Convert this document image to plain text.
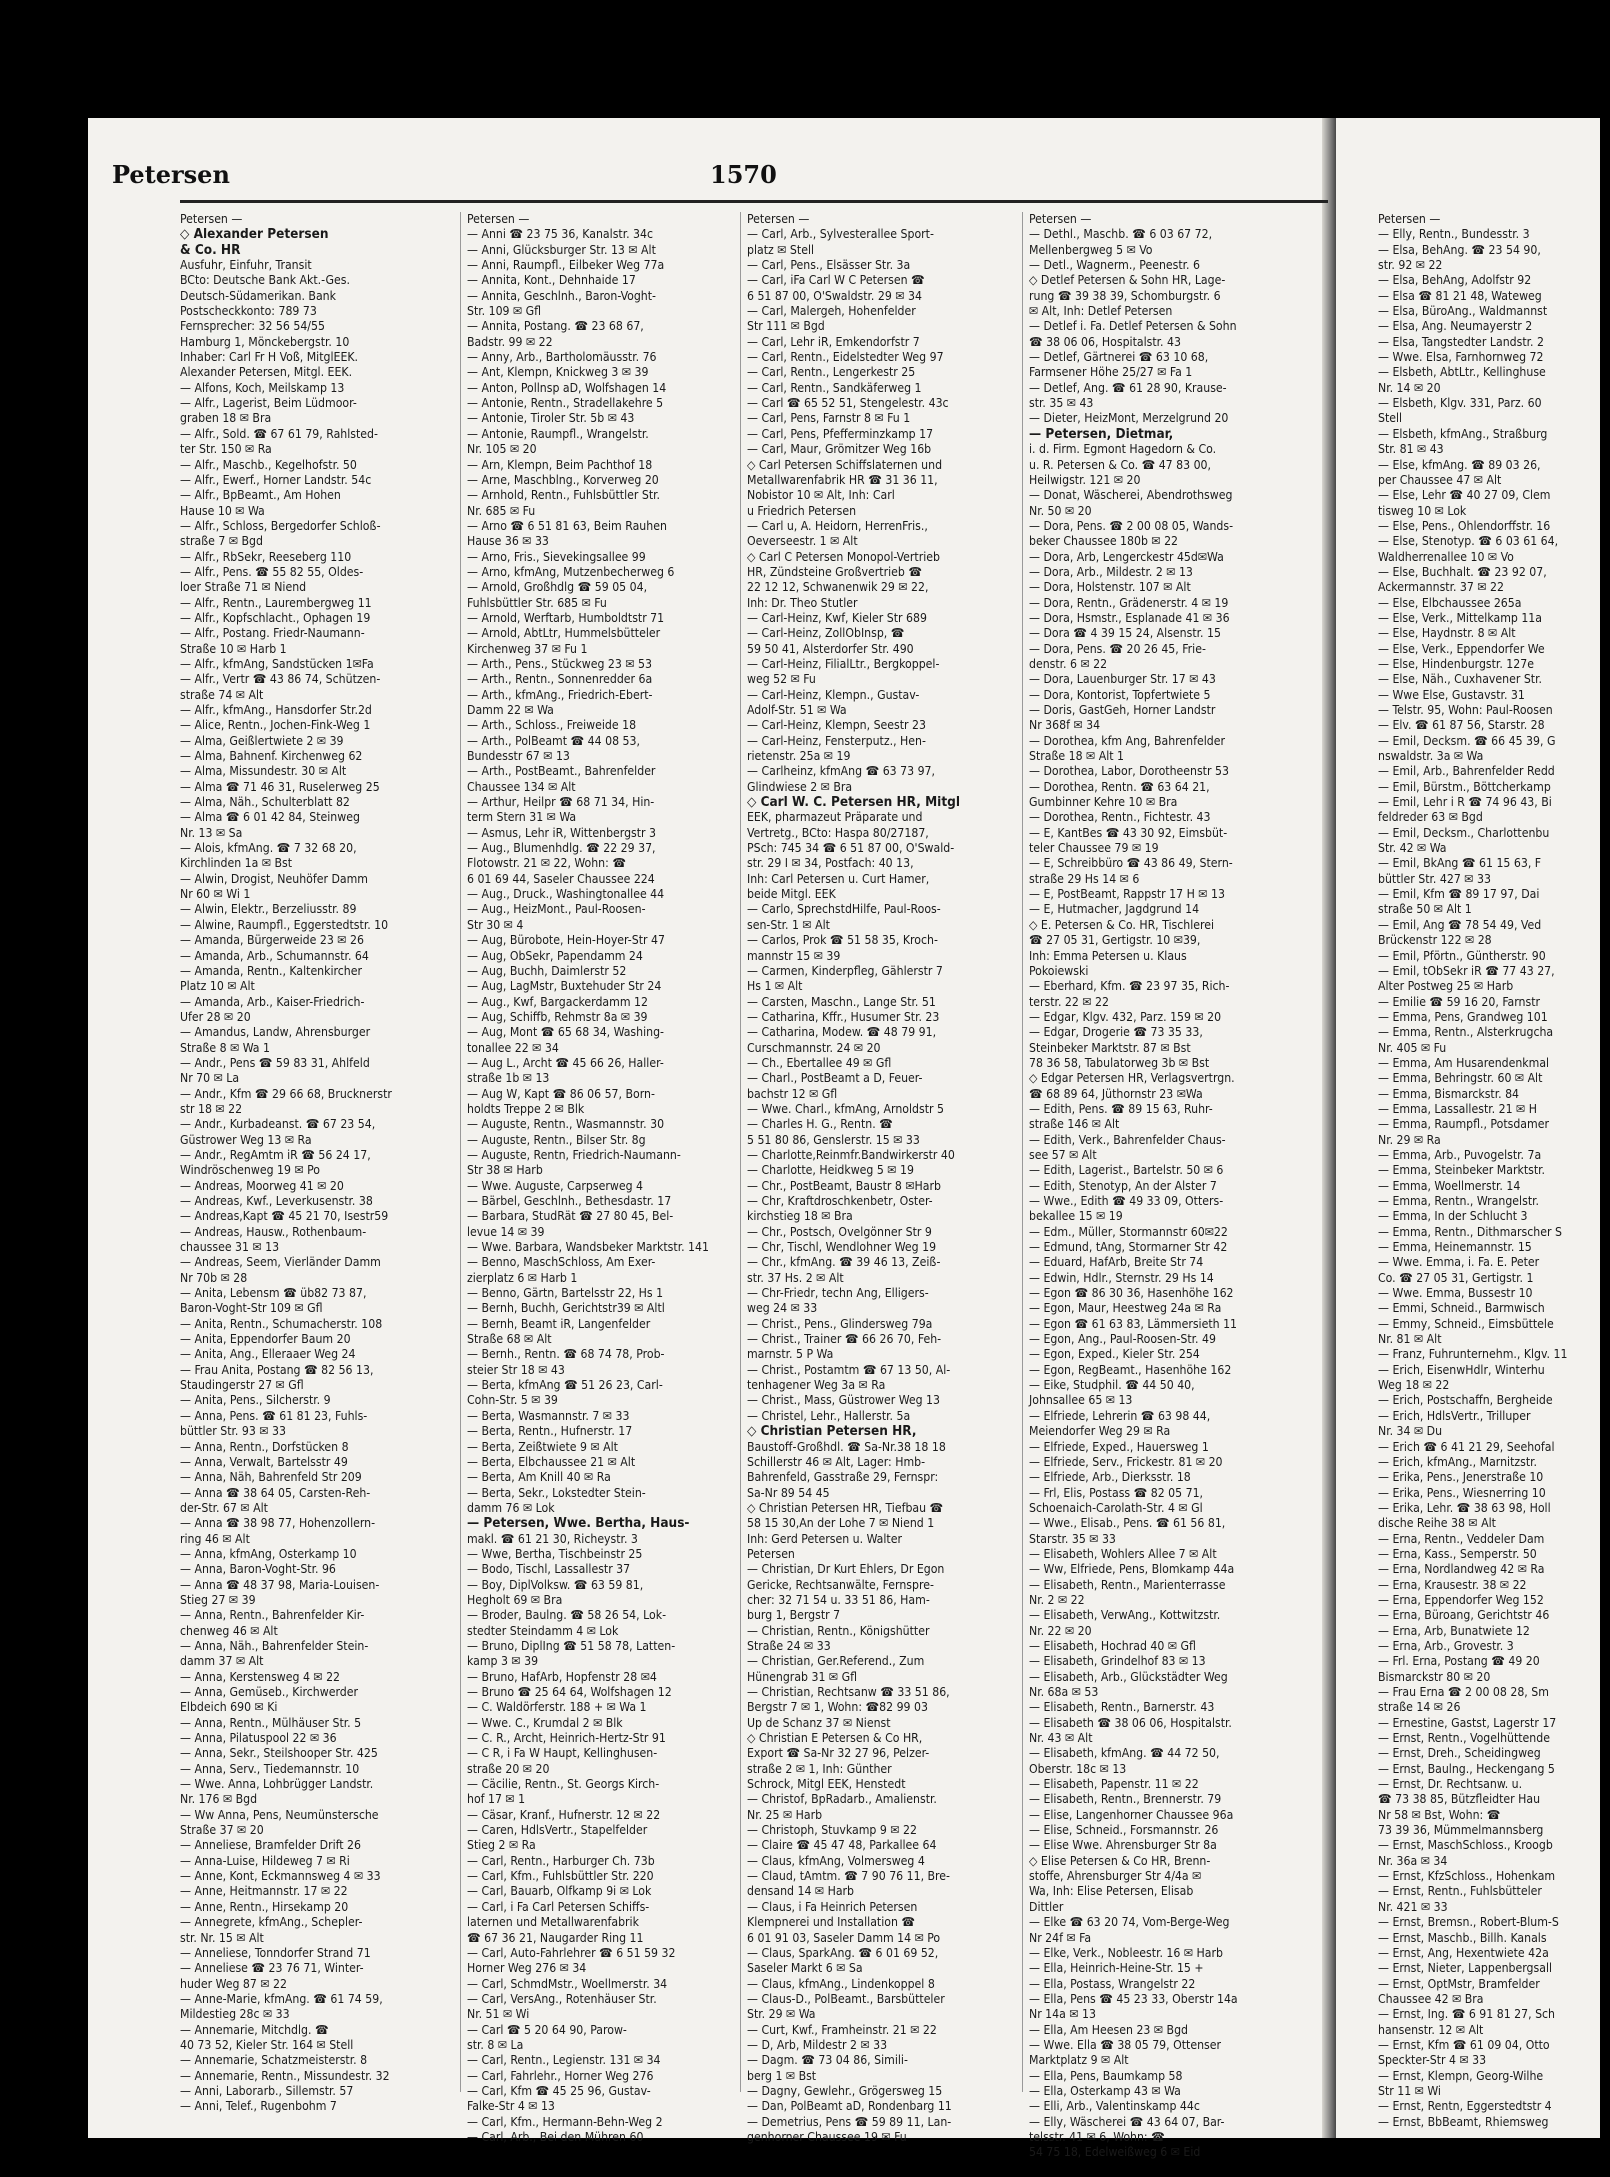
Petersen	1570
Petersen —
◇ Alexander Petersen
& Co. HR
Ausfuhr, Einfuhr, Transit
BCto: Deutsche Bank Akt.-Ges.
Deutsch-Südamerikan. Bank
Postscheckkonto: 789 73
Fernsprecher: 32 56 54/55
Hamburg 1, Mönckebergstr. 10
Inhaber: Carl Fr H Voß, MitglEEK.
Alexander Petersen, Mitgl. EEK.
— Alfons, Koch, Meilskamp 13
— Alfr., Lagerist, Beim Lüdmoor-
graben 18 ✉ Bra
— Alfr., Sold. ☎ 67 61 79, Rahlsted-
ter Str. 150 ✉ Ra
— Alfr., Maschb., Kegelhofstr. 50
— Alfr., Ewerf., Horner Landstr. 54c
— Alfr., BpBeamt., Am Hohen
Hause 10 ✉ Wa
— Alfr., Schloss, Bergedorfer Schloß-
straße 7 ✉ Bgd
— Alfr., RbSekr, Reeseberg 110
— Alfr., Pens. ☎ 55 82 55, Oldes-
loer Straße 71 ✉ Niend
— Alfr., Rentn., Laurembergweg 11
— Alfr., Kopfschlacht., Ophagen 19
— Alfr., Postang. Friedr-Naumann-
Straße 10 ✉ Harb 1
— Alfr., kfmAng, Sandstücken 1✉Fa
— Alfr., Vertr ☎ 43 86 74, Schützen-
straße 74 ✉ Alt
— Alfr., kfmAng., Hansdorfer Str.2d
— Alice, Rentn., Jochen-Fink-Weg 1
— Alma, Geißlertwiete 2 ✉ 39
— Alma, Bahnenf. Kirchenweg 62
— Alma, Missundestr. 30 ✉ Alt
— Alma ☎ 71 46 31, Ruselerweg 25
— Alma, Näh., Schulterblatt 82
— Alma ☎ 6 01 42 84, Steinweg
Nr. 13 ✉ Sa
— Alois, kfmAng. ☎ 7 32 68 20,
Kirchlinden 1a ✉ Bst
— Alwin, Drogist, Neuhöfer Damm
Nr 60 ✉ Wi 1
— Alwin, Elektr., Berzeliusstr. 89
— Alwine, Raumpfl., Eggerstedtstr. 10
— Amanda, Bürgerweide 23 ✉ 26
— Amanda, Arb., Schumannstr. 64
— Amanda, Rentn., Kaltenkircher
Platz 10 ✉ Alt
— Amanda, Arb., Kaiser-Friedrich-
Ufer 28 ✉ 20
— Amandus, Landw, Ahrensburger
Straße 8 ✉ Wa 1
— Andr., Pens ☎ 59 83 31, Ahlfeld
Nr 70 ✉ La
— Andr., Kfm ☎ 29 66 68, Brucknerstr
str 18 ✉ 22
— Andr., Kurbadeanst. ☎ 67 23 54,
Güstrower Weg 13 ✉ Ra
— Andr., RegAmtm iR ☎ 56 24 17,
Windröschenweg 19 ✉ Po
— Andreas, Moorweg 41 ✉ 20
— Andreas, Kwf., Leverkusenstr. 38
— Andreas,Kapt ☎ 45 21 70, Isestr59
— Andreas, Hausw., Rothenbaum-
chaussee 31 ✉ 13
— Andreas, Seem, Vierländer Damm
Nr 70b ✉ 28
— Anita, Lebensm ☎ üb82 73 87,
Baron-Voght-Str 109 ✉ Gfl
— Anita, Rentn., Schumacherstr. 108
— Anita, Eppendorfer Baum 20
— Anita, Ang., Elleraaer Weg 24
— Frau Anita, Postang ☎ 82 56 13,
Staudingerstr 27 ✉ Gfl
— Anita, Pens., Silcherstr. 9
— Anna, Pens. ☎ 61 81 23, Fuhls-
büttler Str. 93 ✉ 33
— Anna, Rentn., Dorfstücken 8
— Anna, Verwalt, Bartelsstr 49
— Anna, Näh, Bahrenfeld Str 209
— Anna ☎ 38 64 05, Carsten-Reh-
der-Str. 67 ✉ Alt
— Anna ☎ 38 98 77, Hohenzollern-
ring 46 ✉ Alt
— Anna, kfmAng, Osterkamp 10
— Anna, Baron-Voght-Str. 96
— Anna ☎ 48 37 98, Maria-Louisen-
Stieg 27 ✉ 39
— Anna, Rentn., Bahrenfelder Kir-
chenweg 46 ✉ Alt
— Anna, Näh., Bahrenfelder Stein-
damm 37 ✉ Alt
— Anna, Kerstensweg 4 ✉ 22
— Anna, Gemüseb., Kirchwerder
Elbdeich 690 ✉ Ki
— Anna, Rentn., Mülhäuser Str. 5
— Anna, Pilatuspool 22 ✉ 36
— Anna, Sekr., Steilshooper Str. 425
— Anna, Serv., Tiedemannstr. 10
— Wwe. Anna, Lohbrügger Landstr.
Nr. 176 ✉ Bgd
— Ww Anna, Pens, Neumünstersche
Straße 37 ✉ 20
— Anneliese, Bramfelder Drift 26
— Anna-Luise, Hildeweg 7 ✉ Ri
— Anne, Kont, Eckmannsweg 4 ✉ 33
— Anne, Heitmannstr. 17 ✉ 22
— Anne, Rentn., Hirsekamp 20
— Annegrete, kfmAng., Schepler-
str. Nr. 15 ✉ Alt
— Anneliese, Tonndorfer Strand 71
— Anneliese ☎ 23 76 71, Winter-
huder Weg 87 ✉ 22
— Anne-Marie, kfmAng. ☎ 61 74 59,
Mildestieg 28c ✉ 33
— Annemarie, Mitchdlg. ☎
40 73 52, Kieler Str. 164 ✉ Stell
— Annemarie, Schatzmeisterstr. 8
— Annemarie, Rentn., Missundestr. 32
— Anni, Laborarb., Sillemstr. 57
— Anni, Telef., Rugenbohm 7
Petersen —
— Anni ☎ 23 75 36, Kanalstr. 34c
— Anni, Glücksburger Str. 13 ✉ Alt
— Anni, Raumpfl., Eilbeker Weg 77a
— Annita, Kont., Dehnhaide 17
— Annita, Geschlnh., Baron-Voght-
Str. 109 ✉ Gfl
— Annita, Postang. ☎ 23 68 67,
Badstr. 99 ✉ 22
— Anny, Arb., Bartholomäusstr. 76
— Ant, Klempn, Knickweg 3 ✉ 39
— Anton, Pollnsp aD, Wolfshagen 14
— Antonie, Rentn., Stradellakehre 5
— Antonie, Tiroler Str. 5b ✉ 43
— Antonie, Raumpfl., Wrangelstr.
Nr. 105 ✉ 20
— Arn, Klempn, Beim Pachthof 18
— Arne, Maschblng., Korverweg 20
— Arnhold, Rentn., Fuhlsbüttler Str.
Nr. 685 ✉ Fu
— Arno ☎ 6 51 81 63, Beim Rauhen
Hause 36 ✉ 33
— Arno, Fris., Sievekingsallee 99
— Arno, kfmAng, Mutzenbecherweg 6
— Arnold, Großhdlg ☎ 59 05 04,
Fuhlsbüttler Str. 685 ✉ Fu
— Arnold, Werftarb, Humboldtstr 71
— Arnold, AbtLtr, Hummelsbütteler
Kirchenweg 37 ✉ Fu 1
— Arth., Pens., Stückweg 23 ✉ 53
— Arth., Rentn., Sonnenredder 6a
— Arth., kfmAng., Friedrich-Ebert-
Damm 22 ✉ Wa
— Arth., Schloss., Freiweide 18
— Arth., PolBeamt ☎ 44 08 53,
Bundesstr 67 ✉ 13
— Arth., PostBeamt., Bahrenfelder
Chaussee 134 ✉ Alt
— Arthur, Heilpr ☎ 68 71 34, Hin-
term Stern 31 ✉ Wa
— Asmus, Lehr iR, Wittenbergstr 3
— Aug., Blumenhdlg. ☎ 22 29 37,
Flotowstr. 21 ✉ 22, Wohn: ☎
6 01 69 44, Saseler Chaussee 224
— Aug., Druck., Washingtonallee 44
— Aug., HeizMont., Paul-Roosen-
Str 30 ✉ 4
— Aug, Bürobote, Hein-Hoyer-Str 47
— Aug, ObSekr, Papendamm 24
— Aug, Buchh, Daimlerstr 52
— Aug, LagMstr, Buxtehuder Str 24
— Aug., Kwf, Bargackerdamm 12
— Aug, Schiffb, Rehmstr 8a ✉ 39
— Aug, Mont ☎ 65 68 34, Washing-
tonallee 22 ✉ 34
— Aug L., Archt ☎ 45 66 26, Haller-
straße 1b ✉ 13
— Aug W, Kapt ☎ 86 06 57, Born-
holdts Treppe 2 ✉ Blk
— Auguste, Rentn., Wasmannstr. 30
— Auguste, Rentn., Bilser Str. 8g
— Auguste, Rentn, Friedrich-Naumann-
Str 38 ✉ Harb
— Wwe. Auguste, Carpserweg 4
— Bärbel, Geschlnh., Bethesdastr. 17
— Barbara, StudRät ☎ 27 80 45, Bel-
levue 14 ✉ 39
— Wwe. Barbara, Wandsbeker Marktstr. 141
— Benno, MaschSchloss, Am Exer-
zierplatz 6 ✉ Harb 1
— Benno, Gärtn, Bartelsstr 22, Hs 1
— Bernh, Buchh, Gerichtstr39 ✉ Altl
— Bernh, Beamt iR, Langenfelder
Straße 68 ✉ Alt
— Bernh., Rentn. ☎ 68 74 78, Prob-
steier Str 18 ✉ 43
— Berta, kfmAng ☎ 51 26 23, Carl-
Cohn-Str. 5 ✉ 39
— Berta, Wasmannstr. 7 ✉ 33
— Berta, Rentn., Hufnerstr. 17
— Berta, Zeißtwiete 9 ✉ Alt
— Berta, Elbchaussee 21 ✉ Alt
— Berta, Am Knill 40 ✉ Ra
— Berta, Sekr., Lokstedter Stein-
damm 76 ✉ Lok
— Petersen, Wwe. Bertha, Haus-
makl. ☎ 61 21 30, Richeystr. 3
— Wwe, Bertha, Tischbeinstr 25
— Bodo, Tischl, Lassallestr 37
— Boy, DiplVolksw. ☎ 63 59 81,
Hegholt 69 ✉ Bra
— Broder, Baulng. ☎ 58 26 54, Lok-
stedter Steindamm 4 ✉ Lok
— Bruno, DiplIng ☎ 51 58 78, Latten-
kamp 3 ✉ 39
— Bruno, HafArb, Hopfenstr 28 ✉4
— Bruno ☎ 25 64 64, Wolfshagen 12
— C. Waldörferstr. 188 + ✉ Wa 1
— Wwe. C., Krumdal 2 ✉ Blk
— C. R., Archt, Heinrich-Hertz-Str 91
— C R, i Fa W Haupt, Kellinghusen-
straße 20 ✉ 20
— Cäcilie, Rentn., St. Georgs Kirch-
hof 17 ✉ 1
— Cäsar, Kranf., Hufnerstr. 12 ✉ 22
— Caren, HdlsVertr., Stapelfelder
Stieg 2 ✉ Ra
— Carl, Rentn., Harburger Ch. 73b
— Carl, Kfm., Fuhlsbüttler Str. 220
— Carl, Bauarb, Olfkamp 9i ✉ Lok
— Carl, i Fa Carl Petersen Schiffs-
laternen und Metallwarenfabrik
☎ 67 36 21, Naugarder Ring 11
— Carl, Auto-Fahrlehrer ☎ 6 51 59 32
Horner Weg 276 ✉ 34
— Carl, SchmdMstr., Woellmerstr. 34
— Carl, VersAng., Rotenhäuser Str.
Nr. 51 ✉ Wi
— Carl ☎ 5 20 64 90, Parow-
str. 8 ✉ La
— Carl, Rentn., Legienstr. 131 ✉ 34
— Carl, Fahrlehr., Horner Weg 276
— Carl, Kfm ☎ 45 25 96, Gustav-
Falke-Str 4 ✉ 13
— Carl, Kfm., Hermann-Behn-Weg 2
— Carl, Arb., Bei den Mühren 60
Petersen —
— Carl, Arb., Sylvesterallee Sport-
platz ✉ Stell
— Carl, Pens., Elsässer Str. 3a
— Carl, iFa Carl W C Petersen ☎
6 51 87 00, O'Swaldstr. 29 ✉ 34
— Carl, Malergeh, Hohenfelder
Str 111 ✉ Bgd
— Carl, Lehr iR, Emkendorfstr 7
— Carl, Rentn., Eidelstedter Weg 97
— Carl, Rentn., Lengerkestr 25
— Carl, Rentn., Sandkäferweg 1
— Carl ☎ 65 52 51, Stengelestr. 43c
— Carl, Pens, Farnstr 8 ✉ Fu 1
— Carl, Pens, Pfefferminzkamp 17
— Carl, Maur, Grömitzer Weg 16b
◇ Carl Petersen Schiffslaternen und
Metallwarenfabrik HR ☎ 31 36 11,
Nobistor 10 ✉ Alt, Inh: Carl
u Friedrich Petersen
— Carl u, A. Heidorn, HerrenFris.,
Oeverseestr. 1 ✉ Alt
◇ Carl C Petersen Monopol-Vertrieb
HR, Zündsteine Großvertrieb ☎
22 12 12, Schwanenwik 29 ✉ 22,
Inh: Dr. Theo Stutler
— Carl-Heinz, Kwf, Kieler Str 689
— Carl-Heinz, ZollObInsp, ☎
59 50 41, Alsterdorfer Str. 490
— Carl-Heinz, FilialLtr., Bergkoppel-
weg 52 ✉ Fu
— Carl-Heinz, Klempn., Gustav-
Adolf-Str. 51 ✉ Wa
— Carl-Heinz, Klempn, Seestr 23
— Carl-Heinz, Fensterputz., Hen-
rietenstr. 25a ✉ 19
— Carlheinz, kfmAng ☎ 63 73 97,
Glindwiese 2 ✉ Bra
◇ Carl W. C. Petersen HR, Mitgl
EEK, pharmazeut Präparate und
Vertretg., BCto: Haspa 80/27187,
PSch: 745 34 ☎ 6 51 87 00, O'Swald-
str. 29 I ✉ 34, Postfach: 40 13,
Inh: Carl Petersen u. Curt Hamer,
beide Mitgl. EEK
— Carlo, SprechstdHilfe, Paul-Roos-
sen-Str. 1 ✉ Alt
— Carlos, Prok ☎ 51 58 35, Kroch-
mannstr 15 ✉ 39
— Carmen, Kinderpfleg, Gählerstr 7
Hs 1 ✉ Alt
— Carsten, Maschn., Lange Str. 51
— Catharina, Kffr., Husumer Str. 23
— Catharina, Modew. ☎ 48 79 91,
Curschmannstr. 24 ✉ 20
— Ch., Ebertallee 49 ✉ Gfl
— Charl., PostBeamt a D, Feuer-
bachstr 12 ✉ Gfl
— Wwe. Charl., kfmAng, Arnoldstr 5
— Charles H. G., Rentn. ☎
5 51 80 86, Genslerstr. 15 ✉ 33
— Charlotte,Reinmfr.Bandwirkerstr 40
— Charlotte, Heidkweg 5 ✉ 19
— Chr., PostBeamt, Baustr 8 ✉Harb
— Chr, Kraftdroschkenbetr, Oster-
kirchstieg 18 ✉ Bra
— Chr., Postsch, Ovelgönner Str 9
— Chr, Tischl, Wendlohner Weg 19
— Chr., kfmAng. ☎ 39 46 13, Zeiß-
str. 37 Hs. 2 ✉ Alt
— Chr-Friedr, techn Ang, Elligers-
weg 24 ✉ 33
— Christ., Pens., Glindersweg 79a
— Christ., Trainer ☎ 66 26 70, Feh-
marnstr. 5 P Wa
— Christ., Postamtm ☎ 67 13 50, Al-
tenhagener Weg 3a ✉ Ra
— Christ., Mass, Güstrower Weg 13
— Christel, Lehr., Hallerstr. 5a
◇ Christian Petersen HR,
Baustoff-Großhdl. ☎ Sa-Nr.38 18 18
Schillerstr 46 ✉ Alt, Lager: Hmb-
Bahrenfeld, Gasstraße 29, Fernspr:
Sa-Nr 89 54 45
◇ Christian Petersen HR, Tiefbau ☎
58 15 30,An der Lohe 7 ✉ Niend 1
Inh: Gerd Petersen u. Walter
Petersen
— Christian, Dr Kurt Ehlers, Dr Egon
Gericke, Rechtsanwälte, Fernspre-
cher: 32 71 54 u. 33 51 86, Ham-
burg 1, Bergstr 7
— Christian, Rentn., Königshütter
Straße 24 ✉ 33
— Christian, Ger.Referend., Zum
Hünengrab 31 ✉ Gfl
— Christian, Rechtsanw ☎ 33 51 86,
Bergstr 7 ✉ 1, Wohn: ☎82 99 03
Up de Schanz 37 ✉ Nienst
◇ Christian E Petersen & Co HR,
Export ☎ Sa-Nr 32 27 96, Pelzer-
straße 2 ✉ 1, Inh: Günther
Schrock, Mitgl EEK, Henstedt
— Christof, BpRadarb., Amalienstr.
Nr. 25 ✉ Harb
— Christoph, Stuvkamp 9 ✉ 22
— Claire ☎ 45 47 48, Parkallee 64
— Claus, kfmAng, Volmersweg 4
— Claud, tAmtm. ☎ 7 90 76 11, Bre-
densand 14 ✉ Harb
— Claus, i Fa Heinrich Petersen
Klempnerei und Installation ☎
6 01 91 03, Saseler Damm 14 ✉ Po
— Claus, SparkAng. ☎ 6 01 69 52,
Saseler Markt 6 ✉ Sa
— Claus, kfmAng., Lindenkoppel 8
— Claus-D., PolBeamt., Barsbütteler
Str. 29 ✉ Wa
— Curt, Kwf., Framheinstr. 21 ✉ 22
— D, Arb, Mildestr 2 ✉ 33
— Dagm. ☎ 73 04 86, Simili-
berg 1 ✉ Bst
— Dagny, Gewlehr., Grögersweg 15
— Dan, PolBeamt aD, Rondenbarg 11
— Demetrius, Pens ☎ 59 89 11, Lan-
genhorner Chaussee 19 ✉ Fu
Petersen —
— Dethl., Maschb. ☎ 6 03 67 72,
Mellenbergweg 5 ✉ Vo
— Detl., Wagnerm., Peenestr. 6
◇ Detlef Petersen & Sohn HR, Lage-
rung ☎ 39 38 39, Schomburgstr. 6
✉ Alt, Inh: Detlef Petersen
— Detlef i. Fa. Detlef Petersen & Sohn
☎ 38 06 06, Hospitalstr. 43
— Detlef, Gärtnerei ☎ 63 10 68,
Farmsener Höhe 25/27 ✉ Fa 1
— Detlef, Ang. ☎ 61 28 90, Krause-
str. 35 ✉ 43
— Dieter, HeizMont, Merzelgrund 20
— Petersen, Dietmar,
i. d. Firm. Egmont Hagedorn & Co.
u. R. Petersen & Co. ☎ 47 83 00,
Heilwigstr. 121 ✉ 20
— Donat, Wäscherei, Abendrothsweg
Nr. 50 ✉ 20
— Dora, Pens. ☎ 2 00 08 05, Wands-
beker Chaussee 180b ✉ 22
— Dora, Arb, Lengerckestr 45d✉Wa
— Dora, Arb., Mildestr. 2 ✉ 13
— Dora, Holstenstr. 107 ✉ Alt
— Dora, Rentn., Grädenerstr. 4 ✉ 19
— Dora, Hsmstr., Esplanade 41 ✉ 36
— Dora ☎ 4 39 15 24, Alsenstr. 15
— Dora, Pens. ☎ 20 26 45, Frie-
denstr. 6 ✉ 22
— Dora, Lauenburger Str. 17 ✉ 43
— Dora, Kontorist, Topfertwiete 5
— Doris, GastGeh, Horner Landstr
Nr 368f ✉ 34
— Dorothea, kfm Ang, Bahrenfelder
Straße 18 ✉ Alt 1
— Dorothea, Labor, Dorotheenstr 53
— Dorothea, Rentn. ☎ 63 64 21,
Gumbinner Kehre 10 ✉ Bra
— Dorothea, Rentn., Fichtestr. 43
— E, KantBes ☎ 43 30 92, Eimsbüt-
teler Chaussee 79 ✉ 19
— E, Schreibbüro ☎ 43 86 49, Stern-
straße 29 Hs 14 ✉ 6
— E, PostBeamt, Rappstr 17 H ✉ 13
— E, Hutmacher, Jagdgrund 14
◇ E. Petersen & Co. HR, Tischlerei
☎ 27 05 31, Gertigstr. 10 ✉39,
Inh: Emma Petersen u. Klaus
Pokoiewski
— Eberhard, Kfm. ☎ 23 97 35, Rich-
terstr. 22 ✉ 22
— Edgar, Klgv. 432, Parz. 159 ✉ 20
— Edgar, Drogerie ☎ 73 35 33,
Steinbeker Marktstr. 87 ✉ Bst
78 36 58, Tabulatorweg 3b ✉ Bst
◇ Edgar Petersen HR, Verlagsvertrgn.
☎ 68 89 64, Jüthornstr 23 ✉Wa
— Edith, Pens. ☎ 89 15 63, Ruhr-
straße 146 ✉ Alt
— Edith, Verk., Bahrenfelder Chaus-
see 57 ✉ Alt
— Edith, Lagerist., Bartelstr. 50 ✉ 6
— Edith, Stenotyp, An der Alster 7
— Wwe., Edith ☎ 49 33 09, Otters-
bekallee 15 ✉ 19
— Edm., Müller, Stormannstr 60✉22
— Edmund, tAng, Stormarner Str 42
— Eduard, HafArb, Breite Str 74
— Edwin, Hdlr., Sternstr. 29 Hs 14
— Egon ☎ 86 30 36, Hasenhöhe 162
— Egon, Maur, Heestweg 24a ✉ Ra
— Egon ☎ 61 63 83, Lämmersieth 11
— Egon, Ang., Paul-Roosen-Str. 49
— Egon, Exped., Kieler Str. 254
— Egon, RegBeamt., Hasenhöhe 162
— Eike, Studphil. ☎ 44 50 40,
Johnsallee 65 ✉ 13
— Elfriede, Lehrerin ☎ 63 98 44,
Meiendorfer Weg 29 ✉ Ra
— Elfriede, Exped., Hauersweg 1
— Elfriede, Serv., Frickestr. 81 ✉ 20
— Elfriede, Arb., Dierksstr. 18
— Frl, Elis, Postass ☎ 82 05 71,
Schoenaich-Carolath-Str. 4 ✉ Gl
— Wwe., Elisab., Pens. ☎ 61 56 81,
Starstr. 35 ✉ 33
— Elisabeth, Wohlers Allee 7 ✉ Alt
— Ww, Elfriede, Pens, Blomkamp 44a
— Elisabeth, Rentn., Marienterrasse
Nr. 2 ✉ 22
— Elisabeth, VerwAng., Kottwitzstr.
Nr. 22 ✉ 20
— Elisabeth, Hochrad 40 ✉ Gfl
— Elisabeth, Grindelhof 83 ✉ 13
— Elisabeth, Arb., Glückstädter Weg
Nr. 68a ✉ 53
— Elisabeth, Rentn., Barnerstr. 43
— Elisabeth ☎ 38 06 06, Hospitalstr.
Nr. 43 ✉ Alt
— Elisabeth, kfmAng. ☎ 44 72 50,
Oberstr. 18c ✉ 13
— Elisabeth, Papenstr. 11 ✉ 22
— Elisabeth, Rentn., Brennerstr. 79
— Elise, Langenhorner Chaussee 96a
— Elise, Schneid., Forsmannstr. 26
— Elise Wwe. Ahrensburger Str 8a
◇ Elise Petersen & Co HR, Brenn-
stoffe, Ahrensburger Str 4/4a ✉
Wa, Inh: Elise Petersen, Elisab
Dittler
— Elke ☎ 63 20 74, Vom-Berge-Weg
Nr 24f ✉ Fa
— Elke, Verk., Nobleestr. 16 ✉ Harb
— Ella, Heinrich-Heine-Str. 15 +
— Ella, Postass, Wrangelstr 22
— Ella, Pens ☎ 45 23 33, Oberstr 14a
Nr 14a ✉ 13
— Ella, Am Heesen 23 ✉ Bgd
— Wwe. Ella ☎ 38 05 79, Ottenser
Marktplatz 9 ✉ Alt
— Ella, Pens, Baumkamp 58
— Ella, Osterkamp 43 ✉ Wa
— Elli, Arb., Valentinskamp 44c
— Elly, Wäscherei ☎ 43 64 07, Bar-
telsstr. 41 ✉ 6, Wohn: ☎
54 75 18, Edelweißweg 6 ✉ Eid
Petersen —
— Elly, Rentn., Bundesstr. 3
— Elsa, BehAng. ☎ 23 54 90,
str. 92 ✉ 22
— Elsa, BehAng, Adolfstr 92
— Elsa ☎ 81 21 48, Wateweg
— Elsa, BüroAng., Waldmannst
— Elsa, Ang. Neumayerstr 2
— Elsa, Tangstedter Landstr. 2
— Wwe. Elsa, Farnhornweg 72
— Elsbeth, AbtLtr., Kellinghuse
Nr. 14 ✉ 20
— Elsbeth, Klgv. 331, Parz. 60
Stell
— Elsbeth, kfmAng., Straßburg
Str. 81 ✉ 43
— Else, kfmAng. ☎ 89 03 26,
per Chaussee 47 ✉ Alt
— Else, Lehr ☎ 40 27 09, Clem
tisweg 10 ✉ Lok
— Else, Pens., Ohlendorffstr. 16
— Else, Stenotyp. ☎ 6 03 61 64,
Waldherrenallee 10 ✉ Vo
— Else, Buchhalt. ☎ 23 92 07,
Ackermannstr. 37 ✉ 22
— Else, Elbchaussee 265a
— Else, Verk., Mittelkamp 11a
— Else, Haydnstr. 8 ✉ Alt
— Else, Verk., Eppendorfer We
— Else, Hindenburgstr. 127e
— Else, Näh., Cuxhavener Str.
— Wwe Else, Gustavstr. 31
— Telstr. 95, Wohn: Paul-Roosen
— Elv. ☎ 61 87 56, Starstr. 28
— Emil, Decksm. ☎ 66 45 39, G
nswaldstr. 3a ✉ Wa
— Emil, Arb., Bahrenfelder Redd
— Emil, Bürstm., Böttcherkamp
— Emil, Lehr i R ☎ 74 96 43, Bi
feldreder 63 ✉ Bgd
— Emil, Decksm., Charlottenbu
Str. 42 ✉ Wa
— Emil, BkAng ☎ 61 15 63, F
büttler Str. 427 ✉ 33
— Emil, Kfm ☎ 89 17 97, Dai
straße 50 ✉ Alt 1
— Emil, Ang ☎ 78 54 49, Ved
Brückenstr 122 ✉ 28
— Emil, Pförtn., Güntherstr. 90
— Emil, tObSekr iR ☎ 77 43 27,
Alter Postweg 25 ✉ Harb
— Emilie ☎ 59 16 20, Farnstr
— Emma, Pens, Grandweg 101
— Emma, Rentn., Alsterkrugcha
Nr. 405 ✉ Fu
— Emma, Am Husarendenkmal
— Emma, Behringstr. 60 ✉ Alt
— Emma, Bismarckstr. 84
— Emma, Lassallestr. 21 ✉ H
— Emma, Raumpfl., Potsdamer
Nr. 29 ✉ Ra
— Emma, Arb., Puvogelstr. 7a
— Emma, Steinbeker Marktstr.
— Emma, Woellmerstr. 14
— Emma, Rentn., Wrangelstr.
— Emma, In der Schlucht 3
— Emma, Rentn., Dithmarscher S
— Emma, Heinemannstr. 15
— Wwe. Emma, i. Fa. E. Peter
Co. ☎ 27 05 31, Gertigstr. 1
— Wwe. Emma, Bussestr 10
— Emmi, Schneid., Barmwisch
— Emmy, Schneid., Eimsbüttele
Nr. 81 ✉ Alt
— Franz, Fuhrunternehm., Klgv. 11
— Erich, EisenwHdlr, Winterhu
Weg 18 ✉ 22
— Erich, Postschaffn, Bergheide
— Erich, HdlsVertr., Trilluper
Nr. 34 ✉ Du
— Erich ☎ 6 41 21 29, Seehofal
— Erich, kfmAng., Marnitzstr.
— Erika, Pens., Jenerstraße 10
— Erika, Pens., Wiesnerring 10
— Erika, Lehr. ☎ 38 63 98, Holl
dische Reihe 38 ✉ Alt
— Erna, Rentn., Veddeler Dam
— Erna, Kass., Semperstr. 50
— Erna, Nordlandweg 42 ✉ Ra
— Erna, Krausestr. 38 ✉ 22
— Erna, Eppendorfer Weg 152
— Erna, Büroang, Gerichtstr 46
— Erna, Arb, Bunatwiete 12
— Erna, Arb., Grovestr. 3
— Frl. Erna, Postang ☎ 49 20
Bismarckstr 80 ✉ 20
— Frau Erna ☎ 2 00 08 28, Sm
straße 14 ✉ 26
— Ernestine, Gastst, Lagerstr 17
— Ernst, Rentn., Vogelhüttende
— Ernst, Dreh., Scheidingweg
— Ernst, Baulng., Heckengang 5
— Ernst, Dr. Rechtsanw. u.
☎ 73 38 85, Bützfleidter Hau
Nr 58 ✉ Bst, Wohn: ☎
73 39 36, Mümmelmannsberg
— Ernst, MaschSchloss., Kroogb
Nr. 36a ✉ 34
— Ernst, KfzSchloss., Hohenkam
— Ernst, Rentn., Fuhlsbütteler
Nr. 421 ✉ 33
— Ernst, Bremsn., Robert-Blum-S
— Ernst, Maschb., Billh. Kanals
— Ernst, Ang, Hexentwiete 42a
— Ernst, Nieter, Lappenbergsall
— Ernst, OptMstr, Bramfelder
Chaussee 42 ✉ Bra
— Ernst, Ing. ☎ 6 91 81 27, Sch
hansenstr. 12 ✉ Alt
— Ernst, Kfm ☎ 61 09 04, Otto
Speckter-Str 4 ✉ 33
— Ernst, Klempn, Georg-Wilhe
Str 11 ✉ Wi
— Ernst, Rentn, Eggerstedtstr 4
— Ernst, BbBeamt, Rhiemsweg
